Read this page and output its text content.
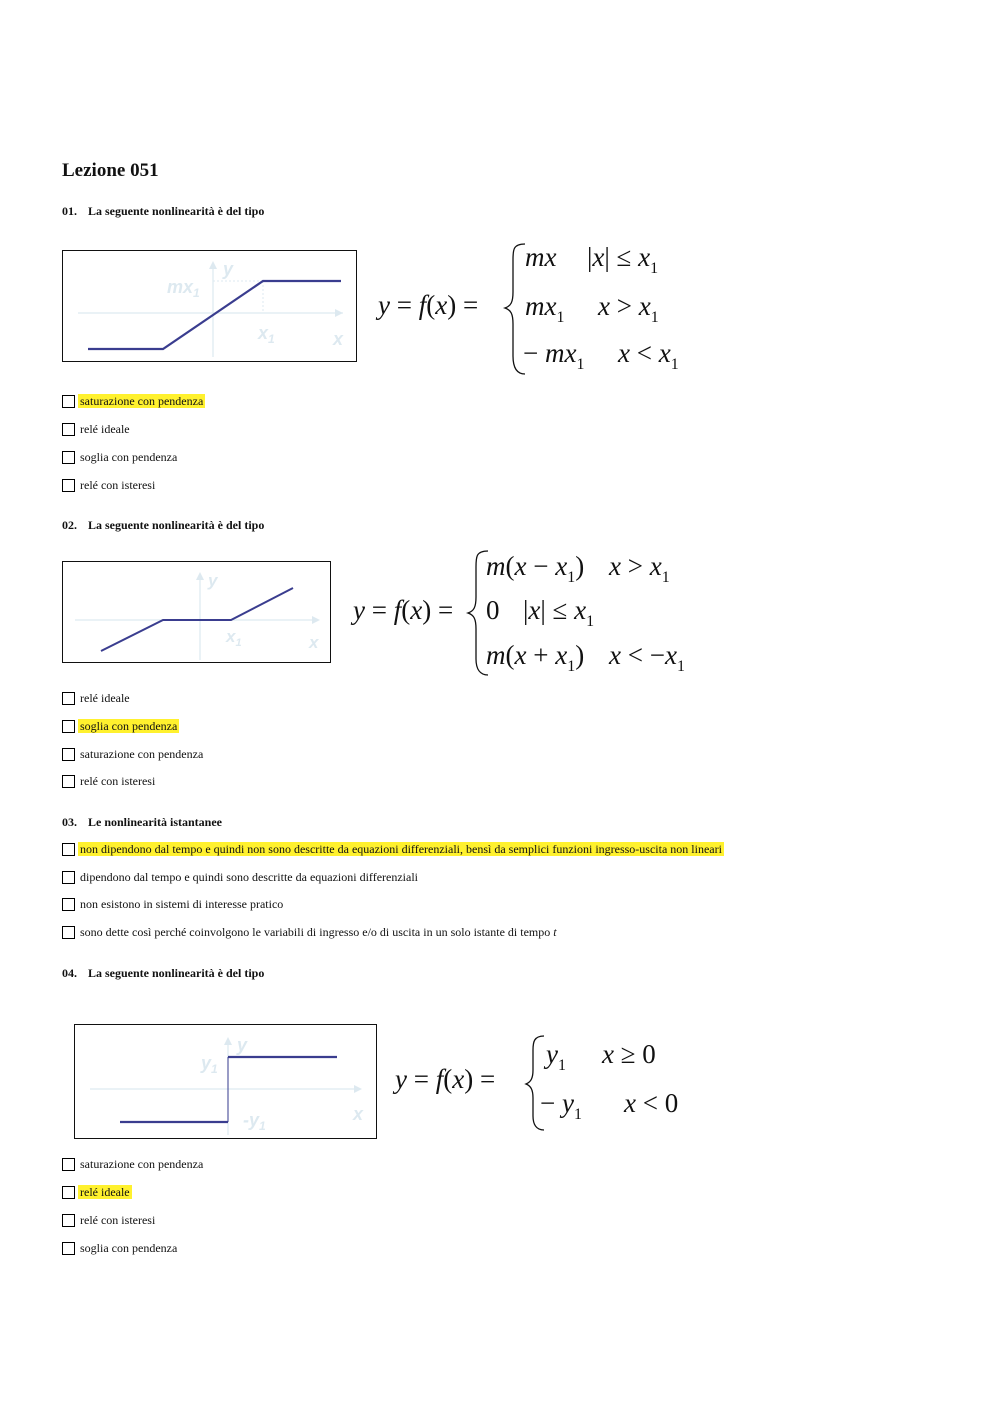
Lezione 051
01. La seguente nonlinearità è del tipo
y
$mx_1$
$x_1$	x
y = f(x) =
mx $|x| \le x_1$
$mx_1$ $x > x_1$
− $mx_1$ $x < x_1$
saturazione con pendenza
relé ideale
soglia con pendenza
relé con isteresi
02. La seguente nonlinearità è del tipo
y
$x_1$	x
y = f(x) =
$m(x - x_1)$ $x > x_1$
0 $|x| \le x_1$
$m(x + x_1)$ $x < -x_1$
relé ideale
soglia con pendenza
saturazione con pendenza
relé con isteresi
03. Le nonlinearità istantanee
non dipendono dal tempo e quindi non sono descritte da equazioni differenziali, bensì da semplici funzioni ingresso-uscita non lineari
dipendono dal tempo e quindi sono descritte da equazioni differenziali
non esistono in sistemi di interesse pratico
sono dette così perché coinvolgono le variabili di ingresso e/o di uscita in un solo istante di tempo t
04. La seguente nonlinearità è del tipo
y
$y_1$
$-y_1$
x
y = f(x) =
$y_1$ x ≥ 0
− $y_1$ x < 0
saturazione con pendenza
relé ideale
relé con isteresi
soglia con pendenza
